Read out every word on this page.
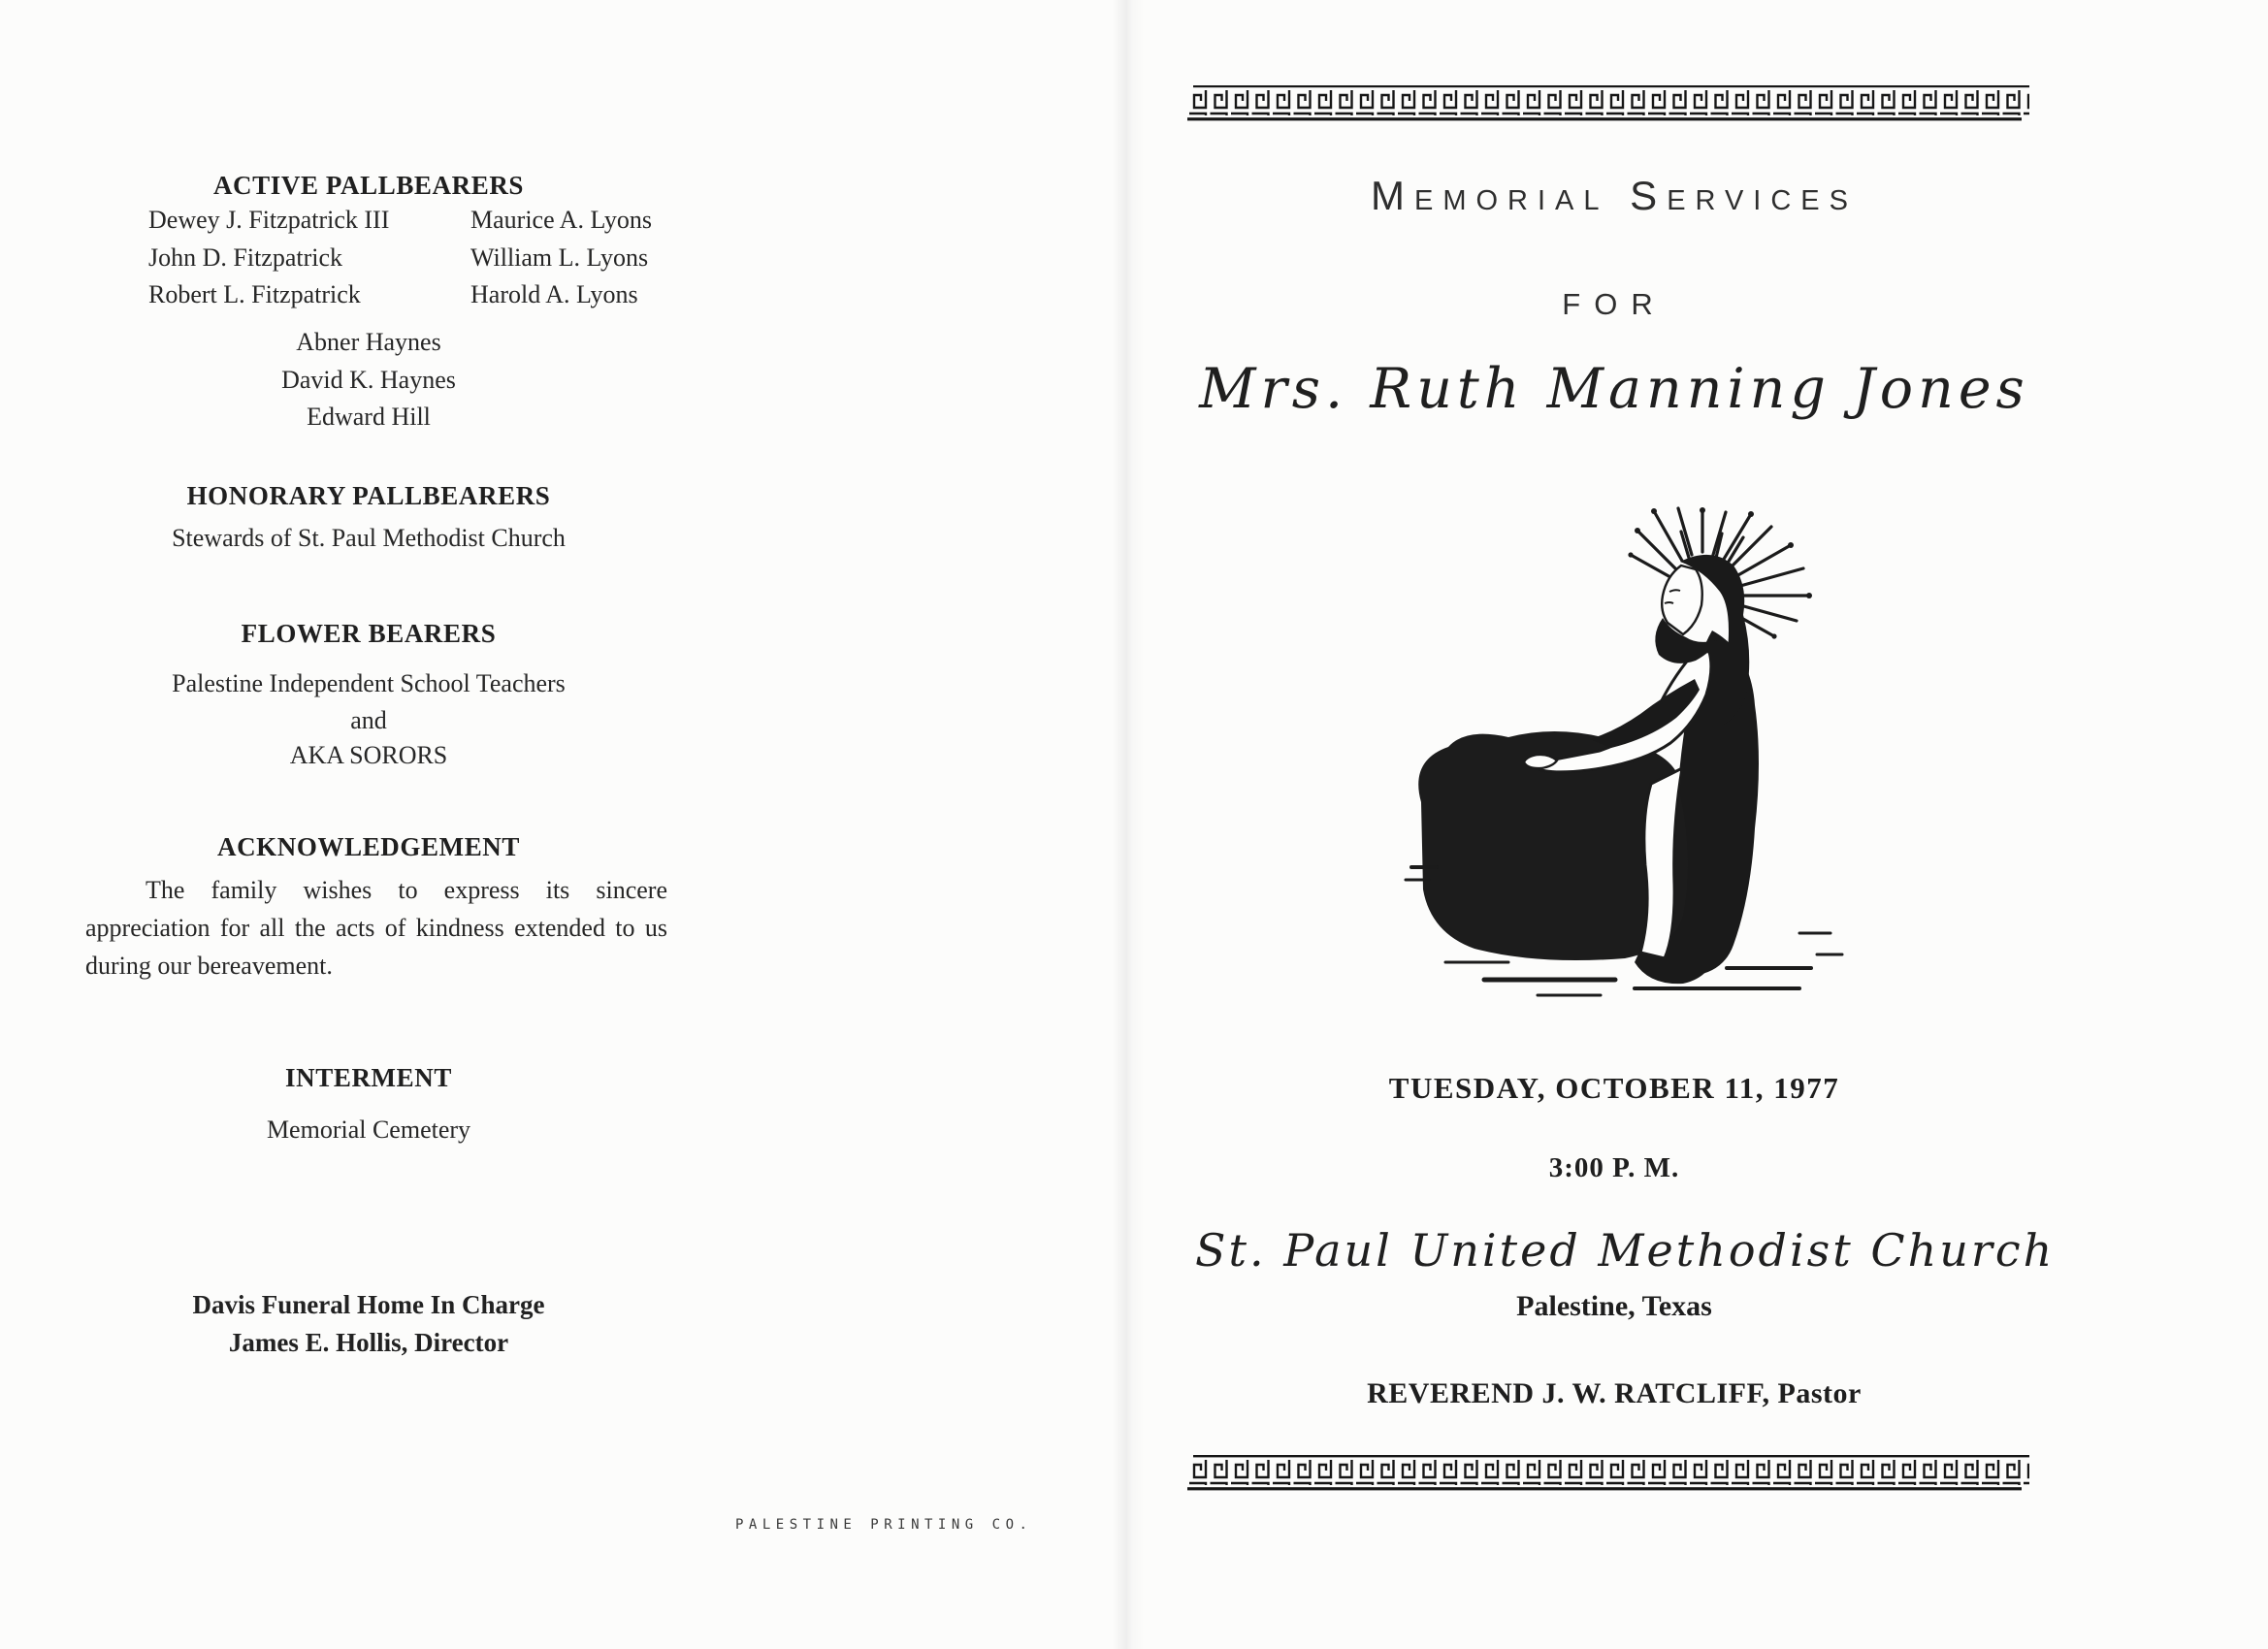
ACTIVE PALLBEARERS
Dewey J. Fitzpatrick III
John D. Fitzpatrick
Robert L. Fitzpatrick
Maurice A. Lyons
William L. Lyons
Harold A. Lyons
Abner Haynes
David K. Haynes
Edward Hill
HONORARY PALLBEARERS
Stewards of St. Paul Methodist Church
FLOWER BEARERS
Palestine Independent School Teachers
and
AKA SORORS
ACKNOWLEDGEMENT
The family wishes to express its sincere appreciation for all the acts of kindness extended to us during our bereavement.
INTERMENT
Memorial Cemetery
Davis Funeral Home In Charge
James E. Hollis, Director
PALESTINE PRINTING CO.
Memorial Services
FOR
Mrs. Ruth Manning Jones
TUESDAY, OCTOBER 11, 1977
3:00 P. M.
St. Paul United Methodist Church
Palestine, Texas
REVEREND J. W. RATCLIFF, Pastor
